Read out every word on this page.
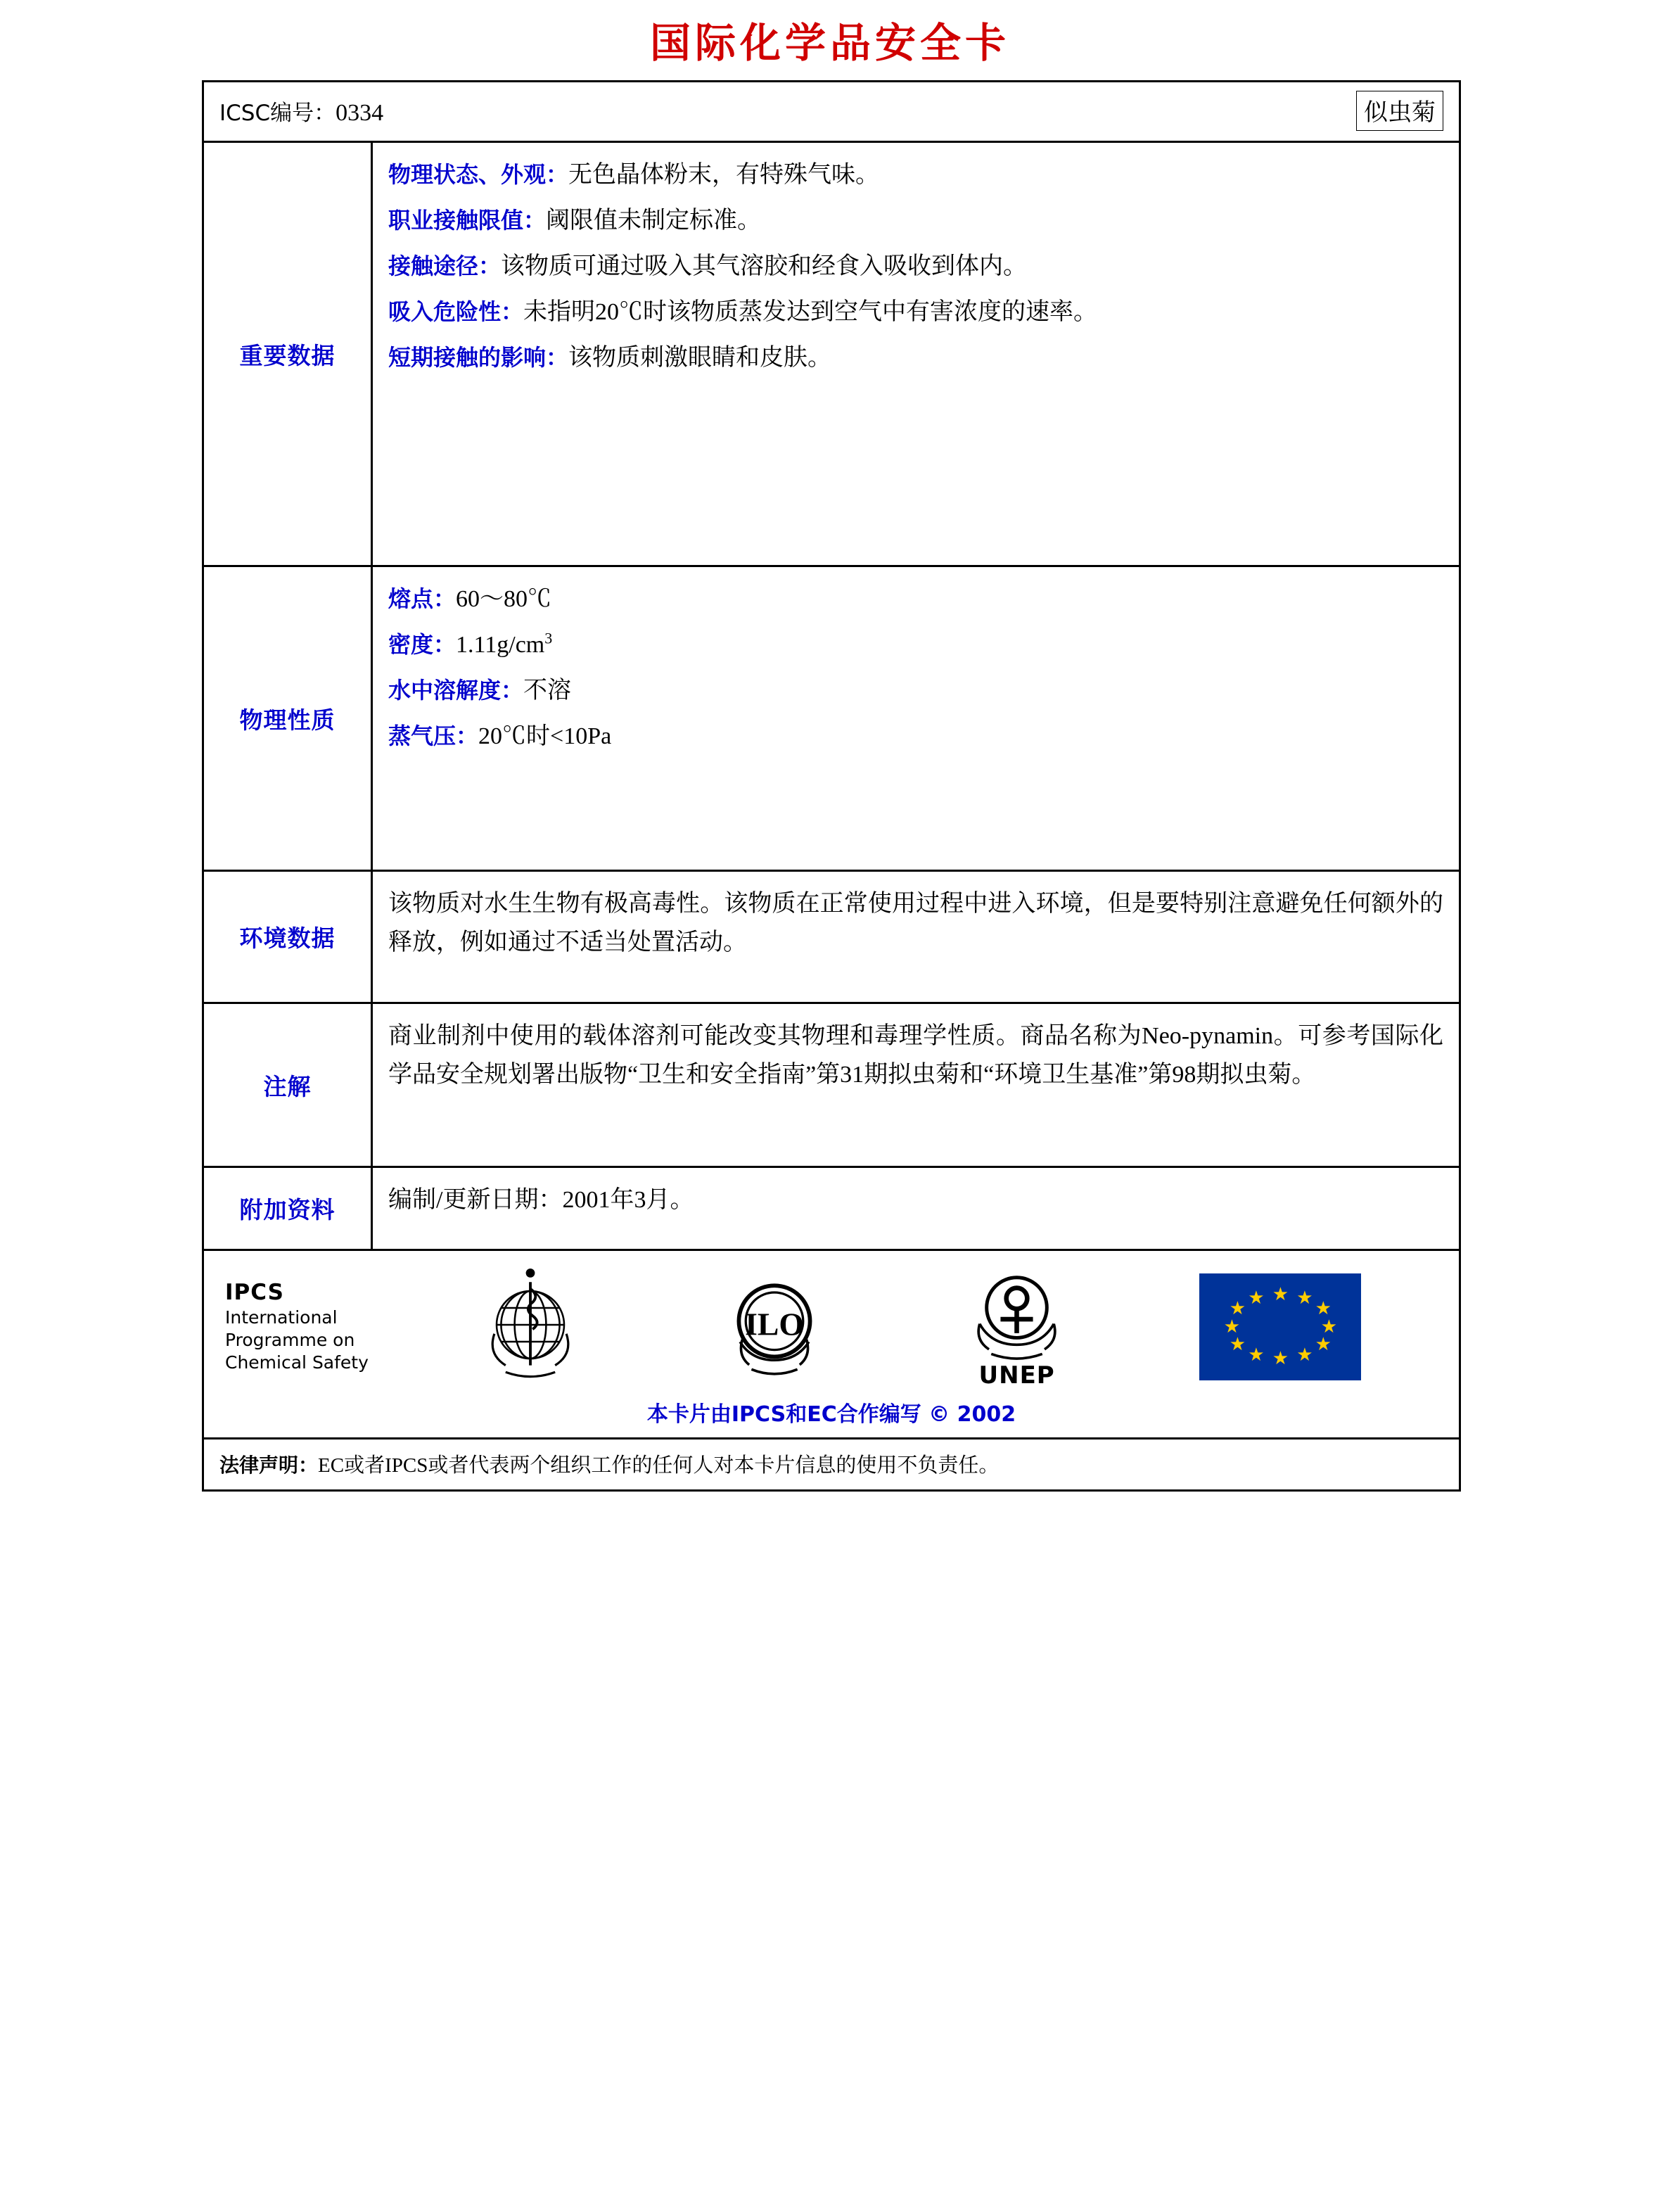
国际化学品安全卡
ICSC编号：0334	似虫菊
重要数据

物理状态、外观：无色晶体粉末，有特殊气味。

职业接触限值：阈限值未制定标准。

接触途径：该物质可通过吸入其气溶胶和经食入吸收到体内。

吸入危险性：未指明20℃时该物质蒸发达到空气中有害浓度的速率。

短期接触的影响：该物质刺激眼睛和皮肤。

物理性质

熔点：60～80℃

密度：$1.11g/cm^3$

水中溶解度：不溶

蒸气压：20℃时<10Pa

环境数据

该物质对水生生物有极高毒性。该物质在正常使用过程中进入环境，但是要特别注意避免任何额外的释放，例如通过不适当处置活动。

注解

商业制剂中使用的载体溶剂可能改变其物理和毒理学性质。商品名称为Neo-pynamin。可参考国际化学品安全规划署出版物“卫生和安全指南”第31期拟虫菊和“环境卫生基准”第98期拟虫菊。

附加资料 编制/更新日期：2001年3月。

IPCS
International
Programme on
Chemical Safety
ILO
UNEP
★ ★ ★
★
★
★
★
★
★
★
★ ★
本卡片由IPCS和EC合作编写 © 2002
法律声明：EC或者IPCS或者代表两个组织工作的任何人对本卡片信息的使用不负责任。
